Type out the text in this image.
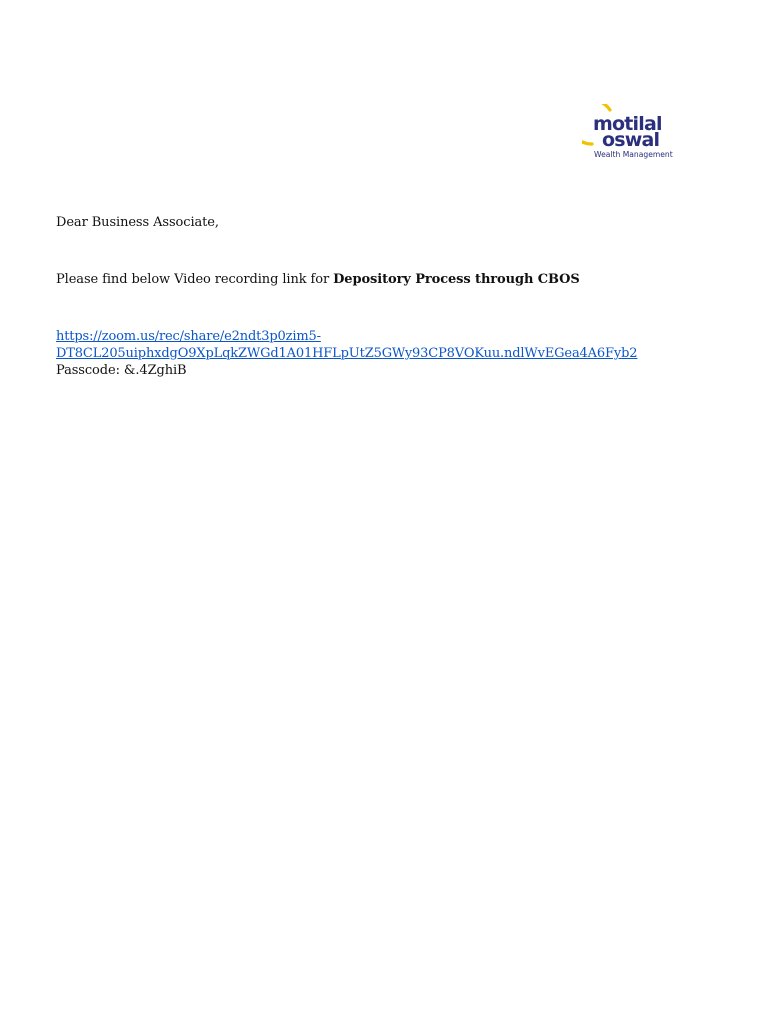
motilal
oswal
Wealth Management
Dear Business Associate,
Please find below Video recording link for Depository Process through CBOS
https://zoom.us/rec/share/e2ndt3p0zim5-
DT8CL205uiphxdgO9XpLqkZWGd1A01HFLpUtZ5GWy93CP8VOKuu.ndlWvEGea4A6Fyb2
Passcode: &.4ZghiB
